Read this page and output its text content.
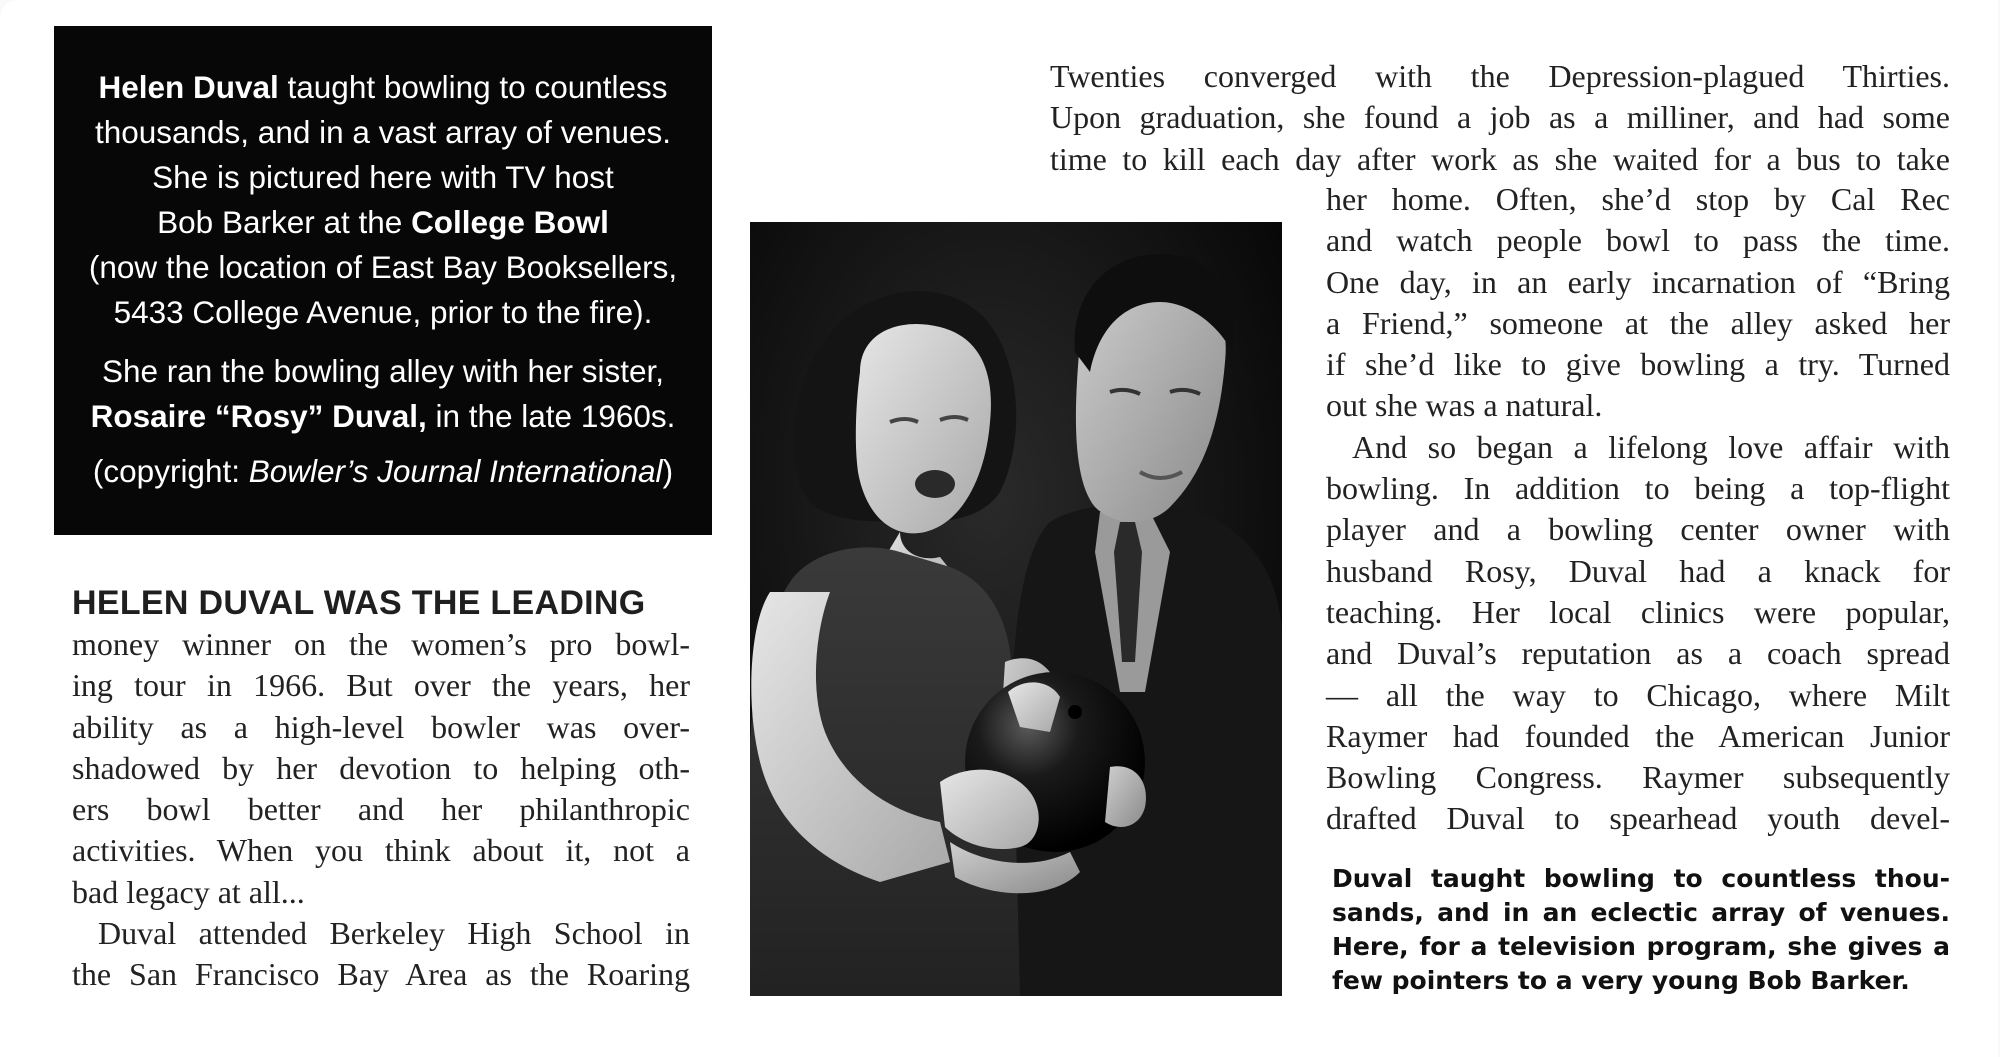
Helen Duval taught bowling to countless

thousands, and in a vast array of venues.

She is pictured here with TV host

Bob Barker at the College Bowl

(now the location of East Bay Booksellers,

5433 College Avenue, prior to the fire).

She ran the bowling alley with her sister,

Rosaire “Rosy” Duval, in the late 1960s.

(copyright: Bowler’s Journal International)

HELEN DUVAL WAS THE LEADING
money winner on the women’s pro bowl-
ing tour in 1966. But over the years, her
ability as a high-level bowler was over-
shadowed by her devotion to helping oth-
ers bowl better and her philanthropic
activities. When you think about it, not a
bad legacy at all...
Duval attended Berkeley High School in
the San Francisco Bay Area as the Roaring
Twenties converged with the Depression-plagued Thirties.
Upon graduation, she found a job as a milliner, and had some
time to kill each day after work as she waited for a bus to take
her home. Often, she’d stop by Cal Rec
and watch people bowl to pass the time.
One day, in an early incarnation of “Bring
a Friend,” someone at the alley asked her
if she’d like to give bowling a try. Turned
out she was a natural.
And so began a lifelong love affair with
bowling. In addition to being a top-flight
player and a bowling center owner with
husband Rosy, Duval had a knack for
teaching. Her local clinics were popular,
and Duval’s reputation as a coach spread
— all the way to Chicago, where Milt
Raymer had founded the American Junior
Bowling Congress. Raymer subsequently
drafted Duval to spearhead youth devel-
Duval taught bowling to countless thou-
sands, and in an eclectic array of venues.
Here, for a television program, she gives a
few pointers to a very young Bob Barker.
